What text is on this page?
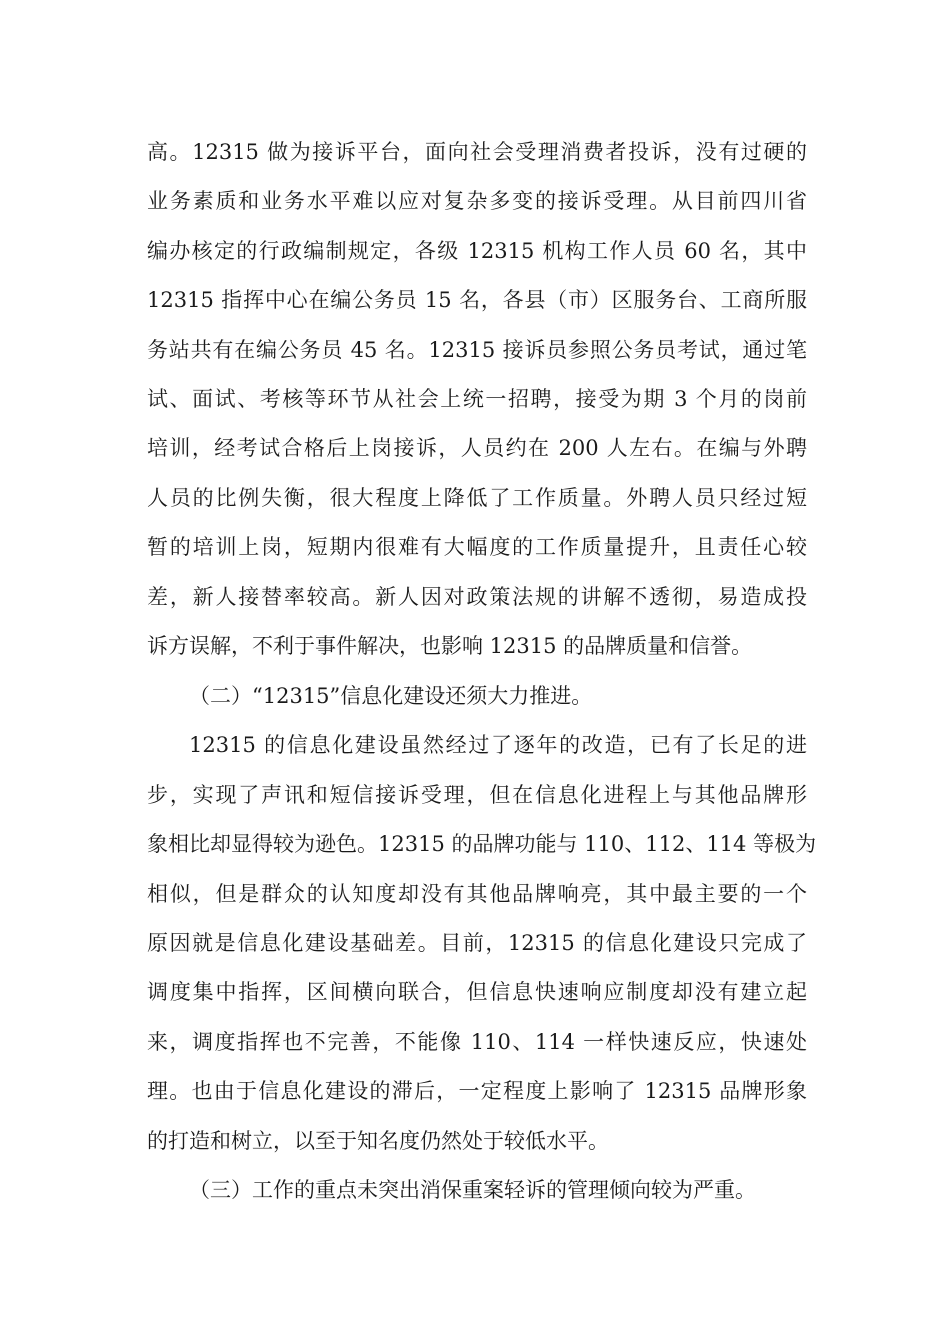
高。12315 做为接诉平台，面向社会受理消费者投诉，没有过硬的
业务素质和业务水平难以应对复杂多变的接诉受理。从目前四川省
编办核定的行政编制规定，各级 12315 机构工作人员 60 名，其中
12315 指挥中心在编公务员 15 名，各县（市）区服务台、工商所服
务站共有在编公务员 45 名。12315 接诉员参照公务员考试，通过笔
试、面试、考核等环节从社会上统一招聘，接受为期 3 个月的岗前
培训，经考试合格后上岗接诉，人员约在 200 人左右。在编与外聘
人员的比例失衡，很大程度上降低了工作质量。外聘人员只经过短
暂的培训上岗，短期内很难有大幅度的工作质量提升，且责任心较
差，新人接替率较高。新人因对政策法规的讲解不透彻，易造成投
诉方误解，不利于事件解决，也影响 12315 的品牌质量和信誉。
（二）“12315”信息化建设还须大力推进。
12315 的信息化建设虽然经过了逐年的改造，已有了长足的进
步，实现了声讯和短信接诉受理，但在信息化进程上与其他品牌形
象相比却显得较为逊色。12315 的品牌功能与 110、112、114 等极为
相似，但是群众的认知度却没有其他品牌响亮，其中最主要的一个
原因就是信息化建设基础差。目前，12315 的信息化建设只完成了
调度集中指挥，区间横向联合，但信息快速响应制度却没有建立起
来，调度指挥也不完善，不能像 110、114 一样快速反应，快速处
理。也由于信息化建设的滞后，一定程度上影响了 12315 品牌形象
的打造和树立，以至于知名度仍然处于较低水平。
（三）工作的重点未突出消保重案轻诉的管理倾向较为严重。
